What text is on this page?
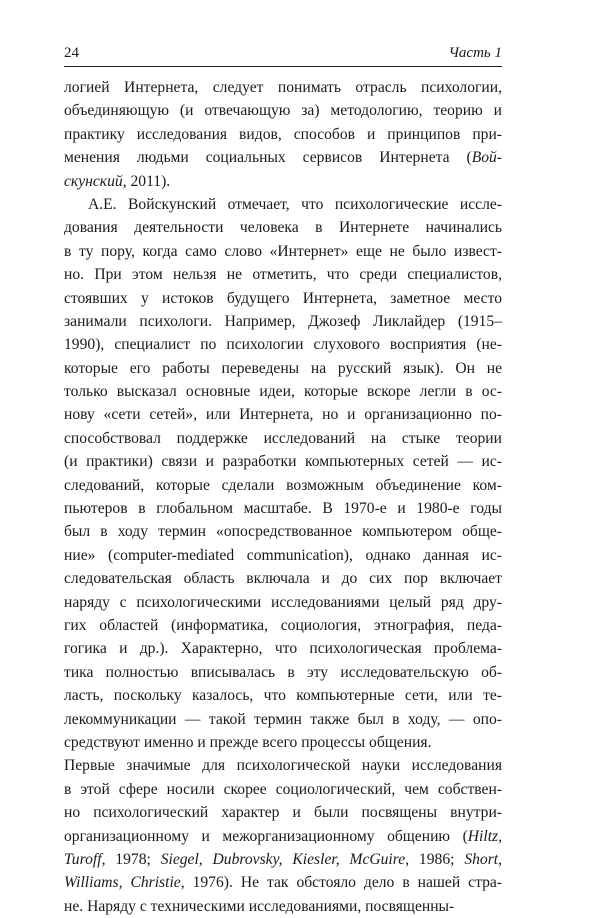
24	Часть 1
логией Интернета, следует понимать отрасль психологии,
объединяющую (и отвечающую за) методологию, теорию и
практику исследования видов, способов и принципов при-
менения людьми социальных сервисов Интернета (Вой-
скунский, 2011).
А.Е. Войскунский отмечает, что психологические иссле-
дования деятельности человека в Интернете начинались
в ту пору, когда само слово «Интернет» еще не было извест-
но. При этом нельзя не отметить, что среди специалистов,
стоявших у истоков будущего Интернета, заметное место
занимали психологи. Например, Джозеф Ликлайдер (1915–
1990), специалист по психологии слухового восприятия (не-
которые его работы переведены на русский язык). Он не
только высказал основные идеи, которые вскоре легли в ос-
нову «сети сетей», или Интернета, но и организационно по-
способствовал поддержке исследований на стыке теории
(и практики) связи и разработки компьютерных сетей — ис-
следований, которые сделали возможным объединение ком-
пьютеров в глобальном масштабе. В 1970-е и 1980-е годы
был в ходу термин «опосредствованное компьютером обще-
ние» (computer-mediated communication), однако данная ис-
следовательская область включала и до сих пор включает
наряду с психологическими исследованиями целый ряд дру-
гих областей (информатика, социология, этнография, педа-
гогика и др.). Характерно, что психологическая проблема-
тика полностью вписывалась в эту исследовательскую об-
ласть, поскольку казалось, что компьютерные сети, или те-
лекоммуникации — такой термин также был в ходу, — опо-
средствуют именно и прежде всего процессы общения.
Первые значимые для психологической науки исследования
в этой сфере носили скорее социологический, чем собствен-
но психологический характер и были посвящены внутри-
организационному и межорганизационному общению (Hiltz,
Turoff, 1978; Siegel, Dubrovsky, Kiesler, McGuire, 1986; Short,
Williams, Christie, 1976). Не так обстояло дело в нашей стра-
не. Наряду с техническими исследованиями, посвященны-
